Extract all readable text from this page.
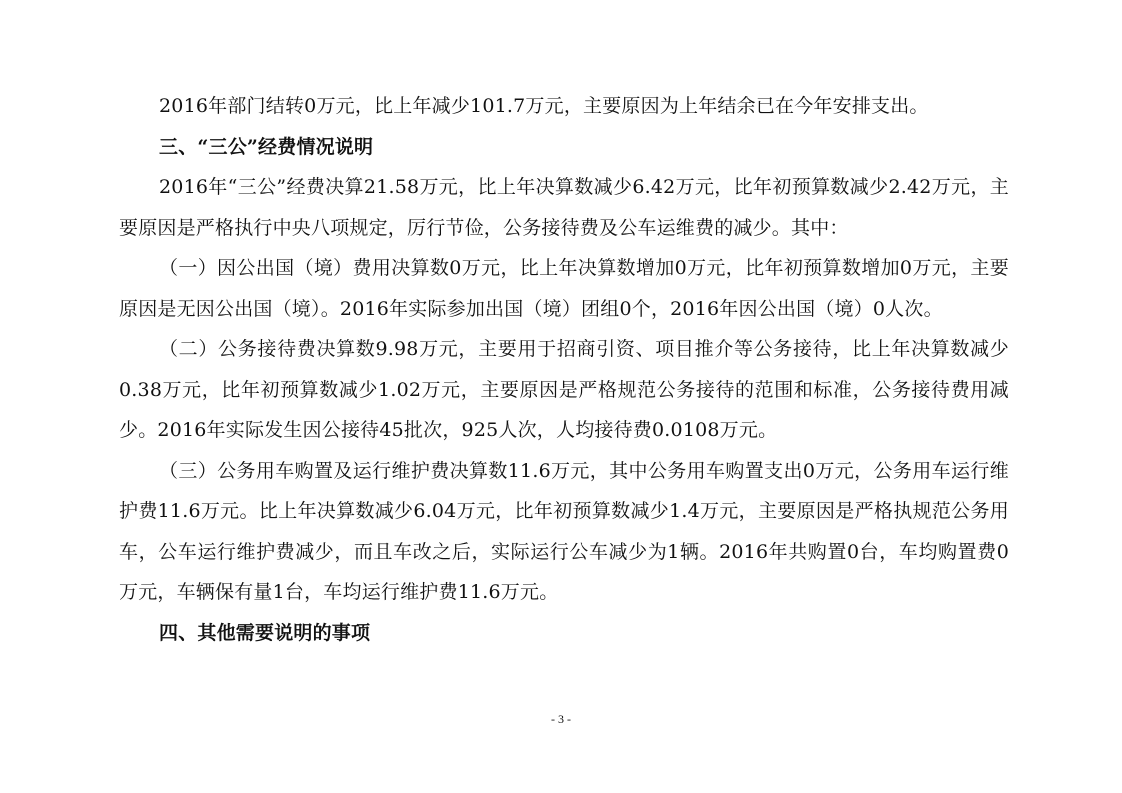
2016年部门结转0万元，比上年减少101.7万元，主要原因为上年结余已在今年安排支出。

三、“三公”经费情况说明

2016年“三公”经费决算21.58万元，比上年决算数减少6.42万元，比年初预算数减少2.42万元，主要原因是严格执行中央八项规定，厉行节俭，公务接待费及公车运维费的减少。其中：

（一）因公出国（境）费用决算数0万元，比上年决算数增加0万元，比年初预算数增加0万元，主要原因是无因公出国（境）。2016年实际参加出国（境）团组0个，2016年因公出国（境）0人次。

（二）公务接待费决算数9.98万元，主要用于招商引资、项目推介等公务接待，比上年决算数减少0.38万元，比年初预算数减少1.02万元，主要原因是严格规范公务接待的范围和标准，公务接待费用减少。2016年实际发生因公接待45批次，925人次，人均接待费0.0108万元。

（三）公务用车购置及运行维护费决算数11.6万元，其中公务用车购置支出0万元，公务用车运行维护费11.6万元。比上年决算数减少6.04万元，比年初预算数减少1.4万元，主要原因是严格执规范公务用车，公车运行维护费减少，而且车改之后，实际运行公车减少为1辆。2016年共购置0台，车均购置费0万元，车辆保有量1台，车均运行维护费11.6万元。

四、其他需要说明的事项

- 3 -
